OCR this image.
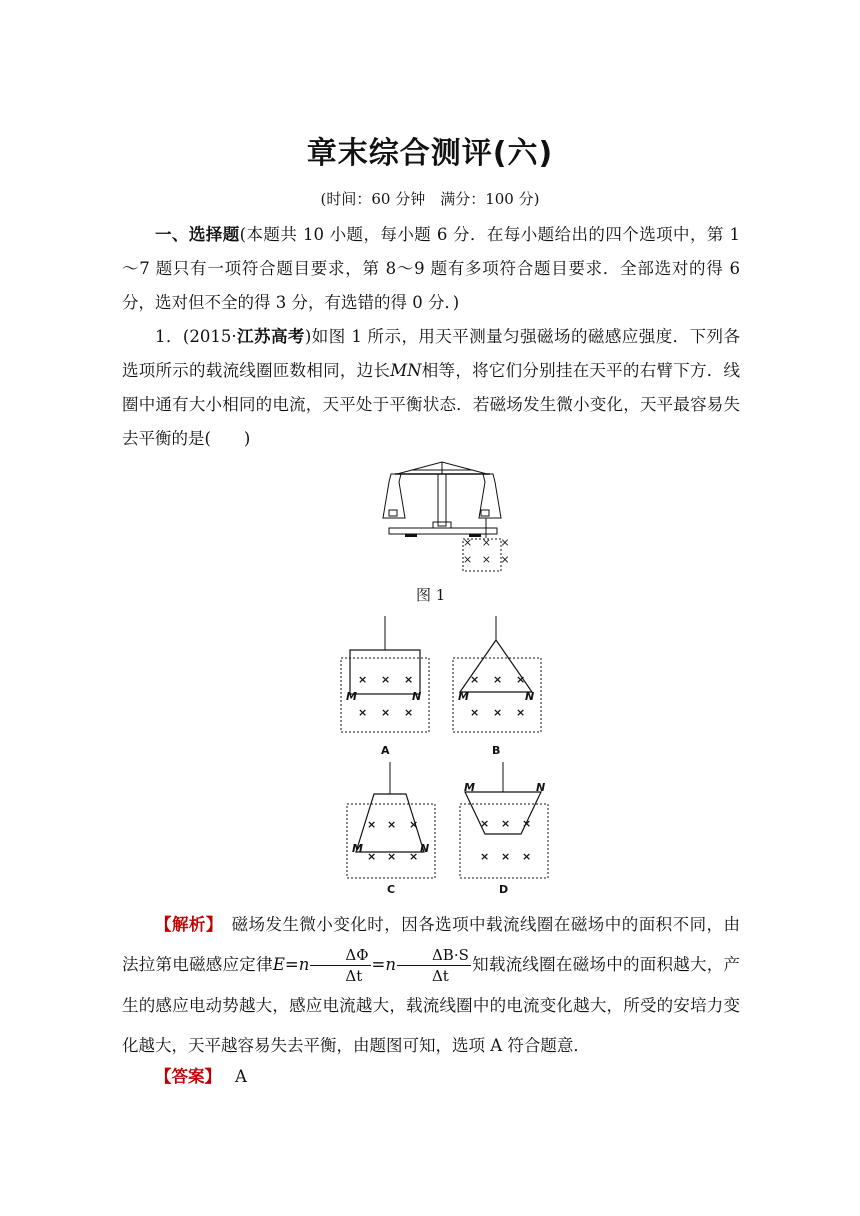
章末综合测评(六)
(时间：60 分钟　满分：100 分)
一、选择题(本题共 10 小题，每小题 6 分．在每小题给出的四个选项中，第 1～7 题只有一项符合题目要求，第 8～9 题有多项符合题目要求．全部选对的得 6 分，选对但不全的得 3 分，有选错的得 0 分．)
1．(2015·江苏高考)如图 1 所示，用天平测量匀强磁场的磁感应强度．下列各选项所示的载流线圈匝数相同，边长MN相等，将它们分别挂在天平的右臂下方．线圈中通有大小相同的电流，天平处于平衡状态．若磁场发生微小变化，天平最容易失去平衡的是(　　)
× × ×
× × ×
图 1
× × ×
M	N
× × ×
A
× × ×
M	N
× × ×
B
× × ×
M	N
× × ×
C
M	N
× × ×
× × ×
D
【解析】　磁场发生微小变化时，因各选项中载流线圈在磁场中的面积不同，由法拉第电磁感应定律$E=n \frac{\Delta\Phi}{\Delta t} =n \frac{\Delta B\cdot S}{\Delta t}$ 知载流线圈在磁场中的面积越大，产生的感应电动势越大，感应电流越大，载流线圈中的电流变化越大，所受的安培力变化越大，天平越容易失去平衡，由题图可知，选项 A 符合题意．
【答案】 A
